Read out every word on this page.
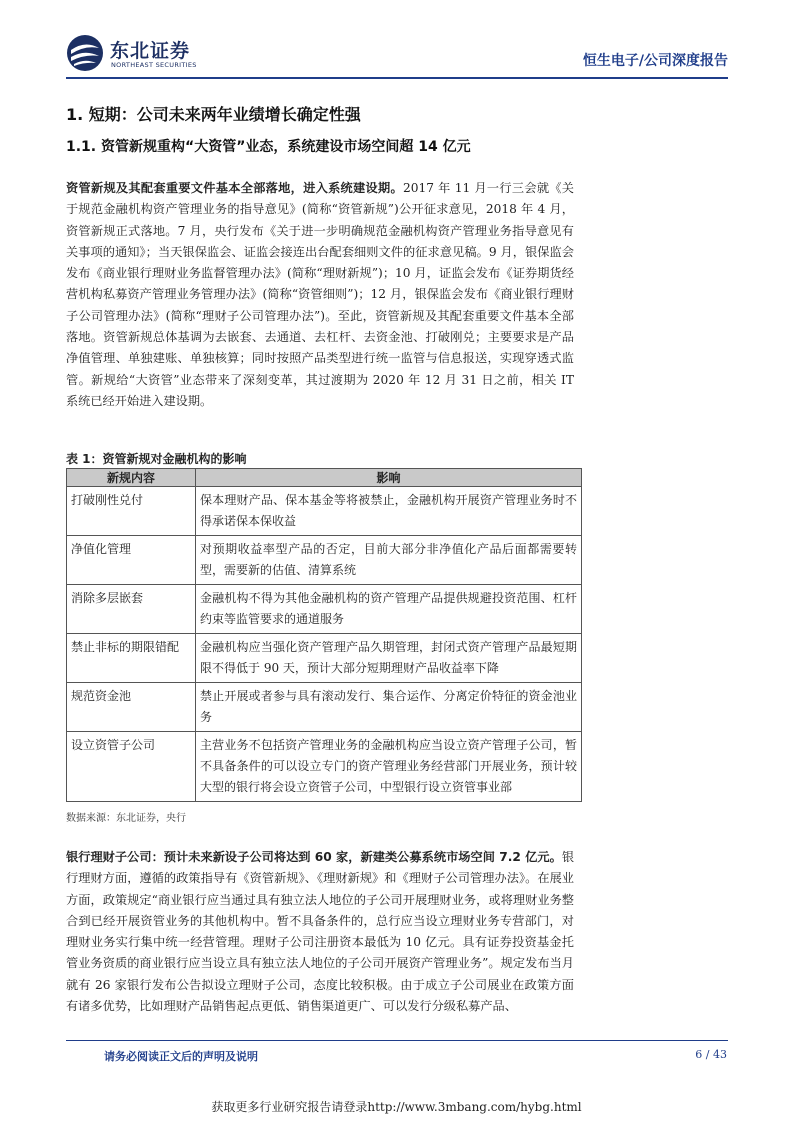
东北证券
NORTHEAST SECURITIES	恒生电子/公司深度报告
1. 短期：公司未来两年业绩增长确定性强
1.1. 资管新规重构“大资管”业态，系统建设市场空间超 14 亿元

资管新规及其配套重要文件基本全部落地，进入系统建设期。2017 年 11 月一行三会就《关于规范金融机构资产管理业务的指导意见》(简称“资管新规”)公开征求意见，2018 年 4 月，资管新规正式落地。7 月，央行发布《关于进一步明确规范金融机构资产管理业务指导意见有关事项的通知》；当天银保监会、证监会接连出台配套细则文件的征求意见稿。9 月，银保监会发布《商业银行理财业务监督管理办法》(简称“理财新规”)；10 月，证监会发布《证券期货经营机构私募资产管理业务管理办法》(简称“资管细则”)；12 月，银保监会发布《商业银行理财子公司管理办法》(简称“理财子公司管理办法”)。至此，资管新规及其配套重要文件基本全部落地。资管新规总体基调为去嵌套、去通道、去杠杆、去资金池、打破刚兑；主要要求是产品净值管理、单独建账、单独核算；同时按照产品类型进行统一监管与信息报送，实现穿透式监管。新规给“大资管”业态带来了深刻变革，其过渡期为 2020 年 12 月 31 日之前，相关 IT 系统已经开始进入建设期。

表 1：资管新规对金融机构的影响
新规内容	影响
打破刚性兑付	保本理财产品、保本基金等将被禁止，金融机构开展资产管理业务时不得承诺保本保收益
净值化管理	对预期收益率型产品的否定，目前大部分非净值化产品后面都需要转型，需要新的估值、清算系统
消除多层嵌套	金融机构不得为其他金融机构的资产管理产品提供规避投资范围、杠杆约束等监管要求的通道服务
禁止非标的期限错配	金融机构应当强化资产管理产品久期管理，封闭式资产管理产品最短期限不得低于 90 天，预计大部分短期理财产品收益率下降
规范资金池	禁止开展或者参与具有滚动发行、集合运作、分离定价特征的资金池业务
设立资管子公司	主营业务不包括资产管理业务的金融机构应当设立资产管理子公司，暂不具备条件的可以设立专门的资产管理业务经营部门开展业务，预计较大型的银行将会设立资管子公司，中型银行设立资管事业部
数据来源：东北证券，央行

银行理财子公司：预计未来新设子公司将达到 60 家，新建类公募系统市场空间 7.2 亿元。银行理财方面，遵循的政策指导有《资管新规》、《理财新规》和《理财子公司管理办法》。在展业方面，政策规定“商业银行应当通过具有独立法人地位的子公司开展理财业务，或将理财业务整合到已经开展资管业务的其他机构中。暂不具备条件的，总行应当设立理财业务专营部门，对理财业务实行集中统一经营管理。理财子公司注册资本最低为 10 亿元。具有证券投资基金托管业务资质的商业银行应当设立具有独立法人地位的子公司开展资产管理业务”。规定发布当月就有 26 家银行发布公告拟设立理财子公司，态度比较积极。由于成立子公司展业在政策方面有诸多优势，比如理财产品销售起点更低、销售渠道更广、可以发行分级私募产品、

请务必阅读正文后的声明及说明	6 / 43
获取更多行业研究报告请登录http://www.3mbang.com/hybg.html
